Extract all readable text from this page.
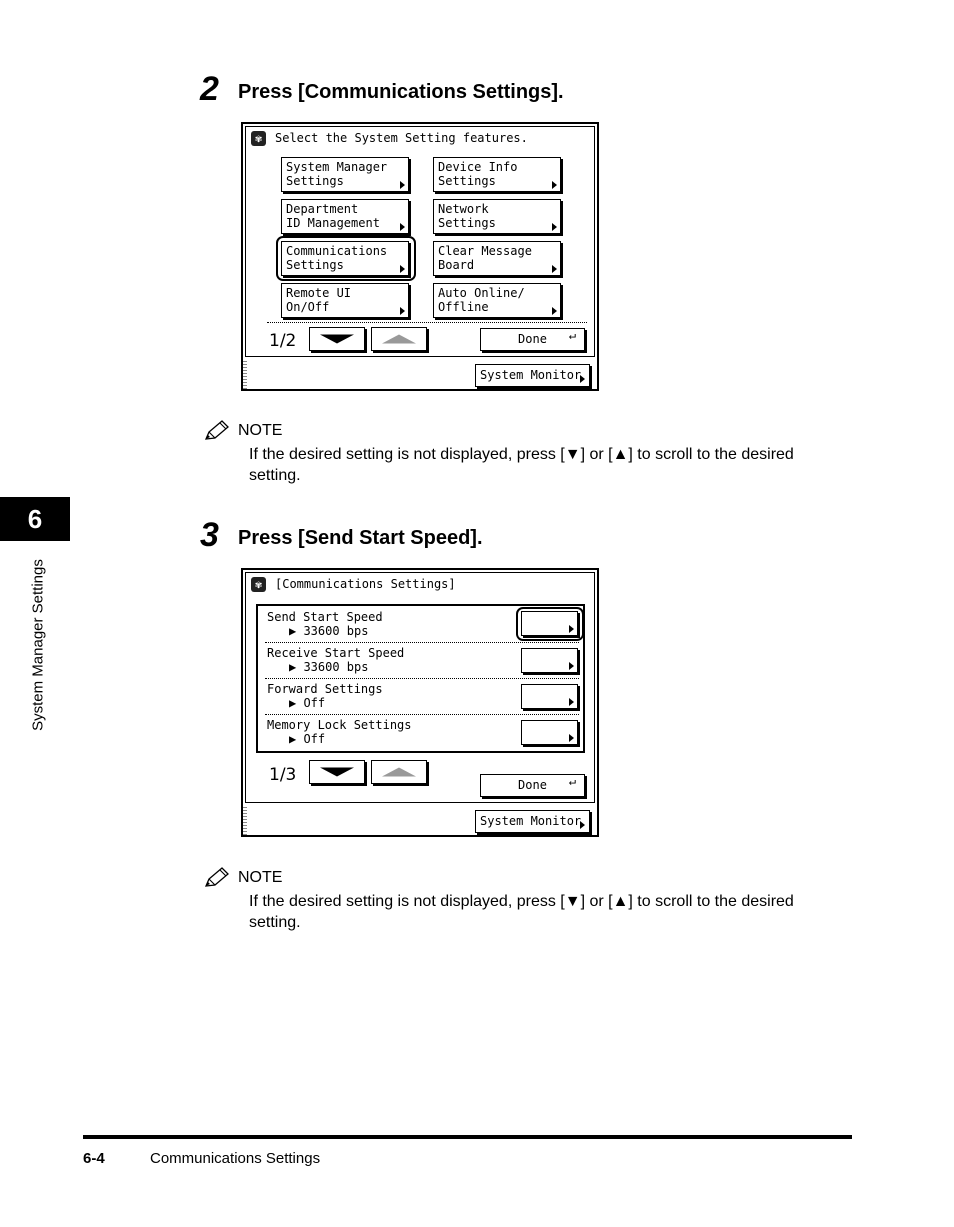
6
System Manager Settings
2 Press [Communications Settings].
✾	Select the System Setting features.
System Manager
Settings
Device Info
Settings
Department
ID Management
Network
Settings
Communications
Settings
Clear Message
Board
Remote UI
On/Off
Auto Online/
Offline
1/2	Done ↵
System Monitor
NOTE
If the desired setting is not displayed, press [▼] or [▲] to scroll to the desired setting.
3 Press [Send Start Speed].
✾	[Communications Settings]
Send Start Speed
▶ 33600 bps
Receive Start Speed
▶ 33600 bps
Forward Settings
▶ Off
Memory Lock Settings
▶ Off
1/3	Done ↵
System Monitor
NOTE
If the desired setting is not displayed, press [▼] or [▲] to scroll to the desired setting.
6-4	Communications Settings
